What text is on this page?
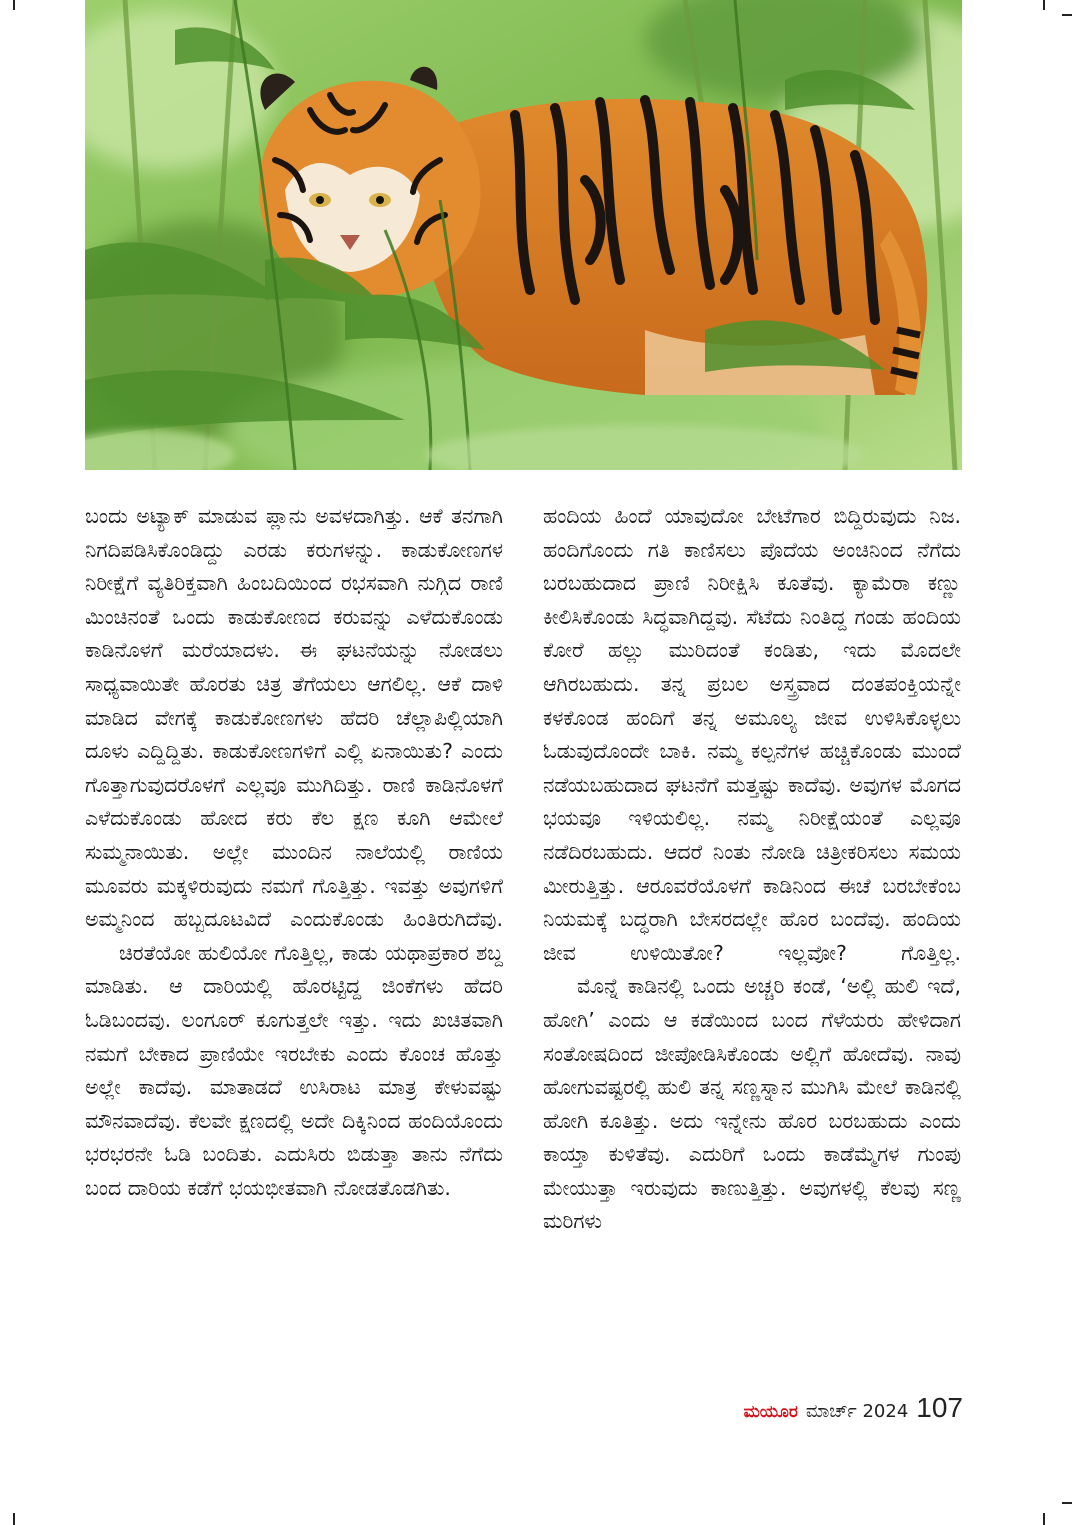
ಬಂದು ಅಟ್ಯಾಕ್ ಮಾಡುವ ಪ್ಲಾನು ಅವಳದಾಗಿತ್ತು. ಆಕೆ ತನಗಾಗಿ ನಿಗದಿಪಡಿಸಿಕೊಂಡಿದ್ದು ಎರಡು ಕರುಗಳನ್ನು. ಕಾಡುಕೋಣಗಳ ನಿರೀಕ್ಷೆಗೆ ವ್ಯತಿರಿಕ್ತವಾಗಿ ಹಿಂಬದಿಯಿಂದ ರಭಸವಾಗಿ ನುಗ್ಗಿದ ರಾಣಿ ಮಿಂಚಿನಂತೆ ಒಂದು ಕಾಡುಕೋಣದ ಕರುವನ್ನು ಎಳೆದುಕೊಂಡು ಕಾಡಿನೊಳಗೆ ಮರೆಯಾದಳು. ಈ ಘಟನೆಯನ್ನು ನೋಡಲು ಸಾಧ್ಯವಾಯಿತೇ ಹೊರತು ಚಿತ್ರ ತೆಗೆಯಲು ಆಗಲಿಲ್ಲ. ಆಕೆ ದಾಳಿ ಮಾಡಿದ ವೇಗಕ್ಕೆ ಕಾಡುಕೋಣಗಳು ಹೆದರಿ ಚೆಲ್ಲಾಪಿಲ್ಲಿಯಾಗಿ ದೂಳು ಎದ್ದಿದ್ದಿತು. ಕಾಡುಕೋಣಗಳಿಗೆ ಎಲ್ಲಿ ಏನಾಯಿತು? ಎಂದು ಗೊತ್ತಾಗುವುದರೊಳಗೆ ಎಲ್ಲವೂ ಮುಗಿದಿತ್ತು. ರಾಣಿ ಕಾಡಿನೊಳಗೆ ಎಳೆದುಕೊಂಡು ಹೋದ ಕರು ಕೆಲ ಕ್ಷಣ ಕೂಗಿ ಆಮೇಲೆ ಸುಮ್ಮನಾಯಿತು. ಅಲ್ಲೇ ಮುಂದಿನ ನಾಲೆಯಲ್ಲಿ ರಾಣಿಯ ಮೂವರು ಮಕ್ಕಳಿರುವುದು ನಮಗೆ ಗೊತ್ತಿತ್ತು. ಇವತ್ತು ಅವುಗಳಿಗೆ ಅಮ್ಮನಿಂದ ಹಬ್ಬದೂಟವಿದೆ ಎಂದುಕೊಂಡು ಹಿಂತಿರುಗಿದೆವು.

ಚಿರತೆಯೋ ಹುಲಿಯೋ ಗೊತ್ತಿಲ್ಲ, ಕಾಡು ಯಥಾಪ್ರಕಾರ ಶಬ್ದ ಮಾಡಿತು. ಆ ದಾರಿಯಲ್ಲಿ ಹೊರಟ್ಟಿದ್ದ ಜಿಂಕೆಗಳು ಹೆದರಿ ಓಡಿಬಂದವು. ಲಂಗೂರ್ ಕೂಗುತ್ತಲೇ ಇತ್ತು. ಇದು ಖಚಿತವಾಗಿ ನಮಗೆ ಬೇಕಾದ ಪ್ರಾಣಿಯೇ ಇರಬೇಕು ಎಂದು ಕೊಂಚ ಹೊತ್ತು ಅಲ್ಲೇ ಕಾದೆವು. ಮಾತಾಡದೆ ಉಸಿರಾಟ ಮಾತ್ರ ಕೇಳುವಷ್ಟು ಮೌನವಾದೆವು. ಕೆಲವೇ ಕ್ಷಣದಲ್ಲಿ ಅದೇ ದಿಕ್ಕಿನಿಂದ ಹಂದಿಯೊಂದು ಭರಭರನೇ ಓಡಿ ಬಂದಿತು. ಎದುಸಿರು ಬಿಡುತ್ತಾ ತಾನು ನೆಗೆದು ಬಂದ ದಾರಿಯ ಕಡೆಗೆ ಭಯಭೀತವಾಗಿ ನೋಡತೊಡಗಿತು.

ಹಂದಿಯ ಹಿಂದೆ ಯಾವುದೋ ಬೇಟೆಗಾರ ಬಿದ್ದಿರುವುದು ನಿಜ. ಹಂದಿಗೊಂದು ಗತಿ ಕಾಣಿಸಲು ಪೊದೆಯ ಅಂಚಿನಿಂದ ನೆಗೆದು ಬರಬಹುದಾದ ಪ್ರಾಣಿ ನಿರೀಕ್ಷಿಸಿ ಕೂತೆವು. ಕ್ಯಾಮೆರಾ ಕಣ್ಣು ಕೀಲಿಸಿಕೊಂಡು ಸಿದ್ಧವಾಗಿದ್ದವು. ಸೆಟೆದು ನಿಂತಿದ್ದ ಗಂಡು ಹಂದಿಯ ಕೋರೆ ಹಲ್ಲು ಮುರಿದಂತೆ ಕಂಡಿತು, ಇದು ಮೊದಲೇ ಆಗಿರಬಹುದು. ತನ್ನ ಪ್ರಬಲ ಅಸ್ತ್ರವಾದ ದಂತಪಂಕ್ತಿಯನ್ನೇ ಕಳಕೊಂಡ ಹಂದಿಗೆ ತನ್ನ ಅಮೂಲ್ಯ ಜೀವ ಉಳಿಸಿಕೊಳ್ಳಲು ಓಡುವುದೊಂದೇ ಬಾಕಿ. ನಮ್ಮ ಕಲ್ಪನೆಗಳ ಹಚ್ಚಿಕೊಂಡು ಮುಂದೆ ನಡೆಯಬಹುದಾದ ಘಟನೆಗೆ ಮತ್ತಷ್ಟು ಕಾದೆವು. ಅವುಗಳ ಮೊಗದ ಭಯವೂ ಇಳಿಯಲಿಲ್ಲ. ನಮ್ಮ ನಿರೀಕ್ಷೆಯಂತೆ ಎಲ್ಲವೂ ನಡೆದಿರಬಹುದು. ಆದರೆ ನಿಂತು ನೋಡಿ ಚಿತ್ರೀಕರಿಸಲು ಸಮಯ ಮೀರುತ್ತಿತ್ತು. ಆರೂವರೆಯೊಳಗೆ ಕಾಡಿನಿಂದ ಈಚೆ ಬರಬೇಕೆಂಬ ನಿಯಮಕ್ಕೆ ಬದ್ಧರಾಗಿ ಬೇಸರದಲ್ಲೇ ಹೊರ ಬಂದೆವು. ಹಂದಿಯ ಜೀವ ಉಳಿಯಿತೋ? ಇಲ್ಲವೋ? ಗೊತ್ತಿಲ್ಲ.

ಮೊನ್ನೆ ಕಾಡಿನಲ್ಲಿ ಒಂದು ಅಚ್ಚರಿ ಕಂಡೆ, ‘ಅಲ್ಲಿ ಹುಲಿ ಇದೆ, ಹೋಗಿ’ ಎಂದು ಆ ಕಡೆಯಿಂದ ಬಂದ ಗೆಳೆಯರು ಹೇಳಿದಾಗ ಸಂತೋಷದಿಂದ ಜೀಪೋಡಿಸಿಕೊಂಡು ಅಲ್ಲಿಗೆ ಹೋದೆವು. ನಾವು ಹೋಗುವಷ್ಟರಲ್ಲಿ ಹುಲಿ ತನ್ನ ಸಣ್ಣಸ್ನಾನ ಮುಗಿಸಿ ಮೇಲೆ ಕಾಡಿನಲ್ಲಿ ಹೋಗಿ ಕೂತಿತ್ತು. ಅದು ಇನ್ನೇನು ಹೊರ ಬರಬಹುದು ಎಂದು ಕಾಯ್ತಾ ಕುಳಿತೆವು. ಎದುರಿಗೆ ಒಂದು ಕಾಡೆಮ್ಮೆಗಳ ಗುಂಪು ಮೇಯುತ್ತಾ ಇರುವುದು ಕಾಣುತ್ತಿತ್ತು. ಅವುಗಳಲ್ಲಿ ಕೆಲವು ಸಣ್ಣ ಮರಿಗಳು

ಮಯೂರ ಮಾರ್ಚ್ 2024 107
